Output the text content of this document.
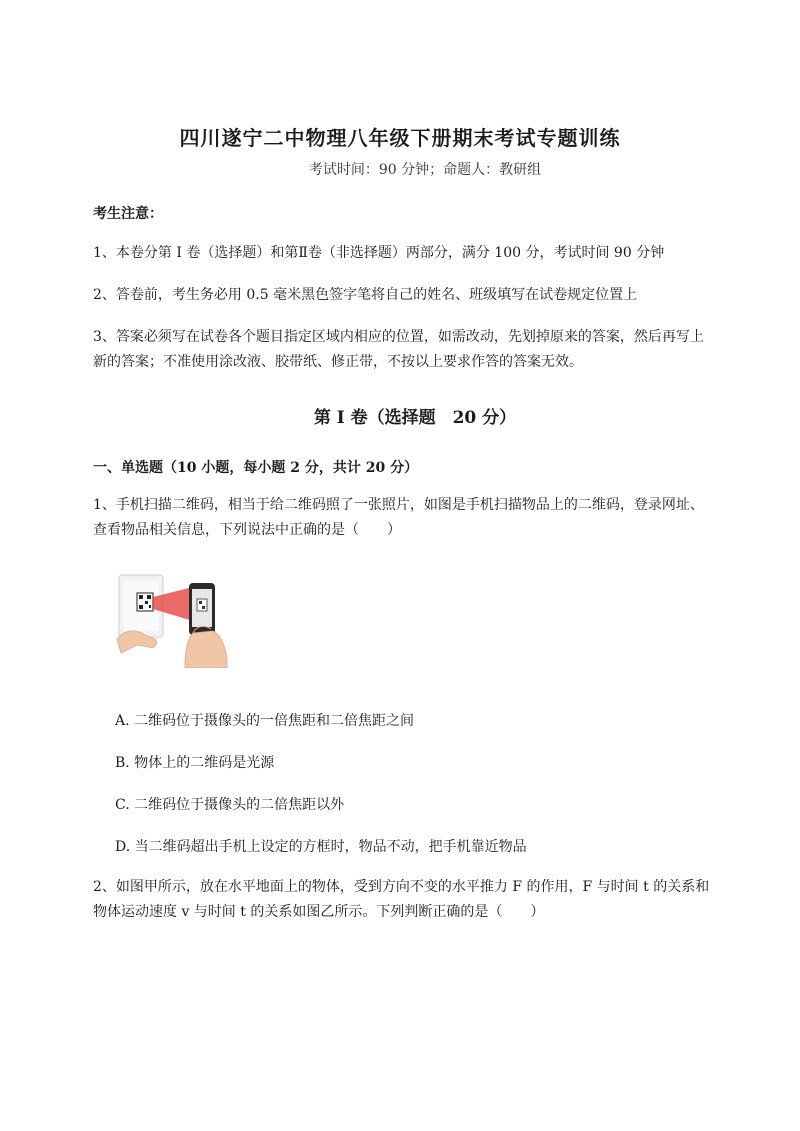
四川遂宁二中物理八年级下册期末考试专题训练
考试时间：90 分钟；命题人：教研组
考生注意：
1、本卷分第 I 卷（选择题）和第Ⅱ卷（非选择题）两部分，满分 100 分，考试时间 90 分钟
2、答卷前，考生务必用 0.5 毫米黑色签字笔将自己的姓名、班级填写在试卷规定位置上
3、答案必须写在试卷各个题目指定区域内相应的位置，如需改动，先划掉原来的答案，然后再写上新的答案；不准使用涂改液、胶带纸、修正带，不按以上要求作答的答案无效。
第 I 卷（选择题　20 分）
一、单选题（10 小题，每小题 2 分，共计 20 分）
1、手机扫描二维码，相当于给二维码照了一张照片，如图是手机扫描物品上的二维码，登录网址、查看物品相关信息，下列说法中正确的是（　　）
A. 二维码位于摄像头的一倍焦距和二倍焦距之间
B. 物体上的二维码是光源
C. 二维码位于摄像头的二倍焦距以外
D. 当二维码超出手机上设定的方框时，物品不动，把手机靠近物品
2、如图甲所示，放在水平地面上的物体，受到方向不变的水平推力 F 的作用，F 与时间 t 的关系和物体运动速度 v 与时间 t 的关系如图乙所示。下列判断正确的是（　　）
